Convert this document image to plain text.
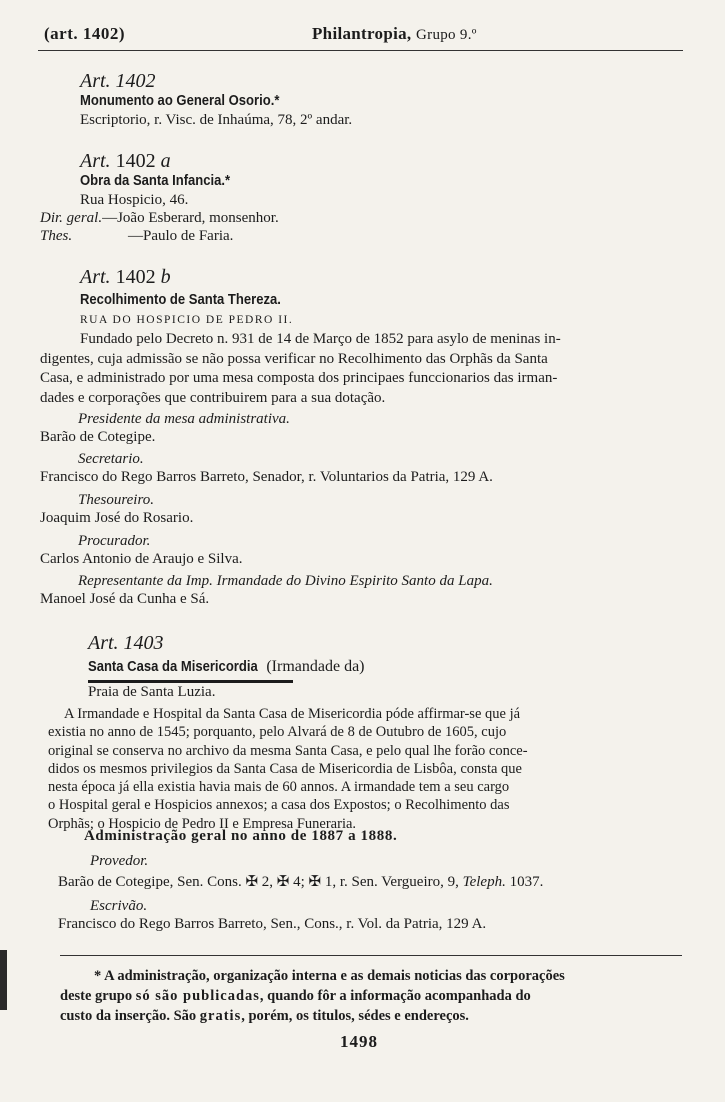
(art. 1402)	Philantropia, Grupo 9.º
Art. 1402
Monumento ao General Osorio.*
Escriptorio, r. Visc. de Inhaúma, 78, 2º andar.
Art. 1402 a
Obra da Santa Infancia.*
Rua Hospicio, 46.
Dir. geral.—João Esberard, monsenhor.
Thes.	—Paulo de Faria.
Art. 1402 b
Recolhimento de Santa Thereza.
RUA DO HOSPICIO DE PEDRO II.
Fundado pelo Decreto n. 931 de 14 de Março de 1852 para asylo de meninas in-
digentes, cuja admissão se não possa verificar no Recolhimento das Orphãs da Santa
Casa, e administrado por uma mesa composta dos principaes funccionarios das irman-
dades e corporações que contribuirem para a sua dotação.
Presidente da mesa administrativa.
Barão de Cotegipe.
Secretario.
Francisco do Rego Barros Barreto, Senador, r. Voluntarios da Patria, 129 A.
Thesoureiro.
Joaquim José do Rosario.
Procurador.
Carlos Antonio de Araujo e Silva.
Representante da Imp. Irmandade do Divino Espirito Santo da Lapa.
Manoel José da Cunha e Sá.
Art. 1403
Santa Casa da Misericordia (Irmandade da)
Praia de Santa Luzia.
A Irmandade e Hospital da Santa Casa de Misericordia póde affirmar-se que já
existia no anno de 1545; porquanto, pelo Alvará de 8 de Outubro de 1605, cujo
original se conserva no archivo da mesma Santa Casa, e pelo qual lhe forão conce-
didos os mesmos privilegios da Santa Casa de Misericordia de Lisbôa, consta que
nesta época já ella existia havia mais de 60 annos. A irmandade tem a seu cargo
o Hospital geral e Hospicios annexos; a casa dos Expostos; o Recolhimento das
Orphãs; o Hospicio de Pedro II e Empresa Funeraria.
Administração geral no anno de 1887 a 1888.
Provedor.
Barão de Cotegipe, Sen. Cons. ✠ 2, ✠ 4; ✠ 1, r. Sen. Vergueiro, 9, Teleph. 1037.
Escrivão.
Francisco do Rego Barros Barreto, Sen., Cons., r. Vol. da Patria, 129 A.
* A administração, organização interna e as demais noticias das corporações
deste grupo só são publicadas, quando fôr a informação acompanhada do
custo da inserção. São gratis, porém, os titulos, sédes e endereços.
1498
